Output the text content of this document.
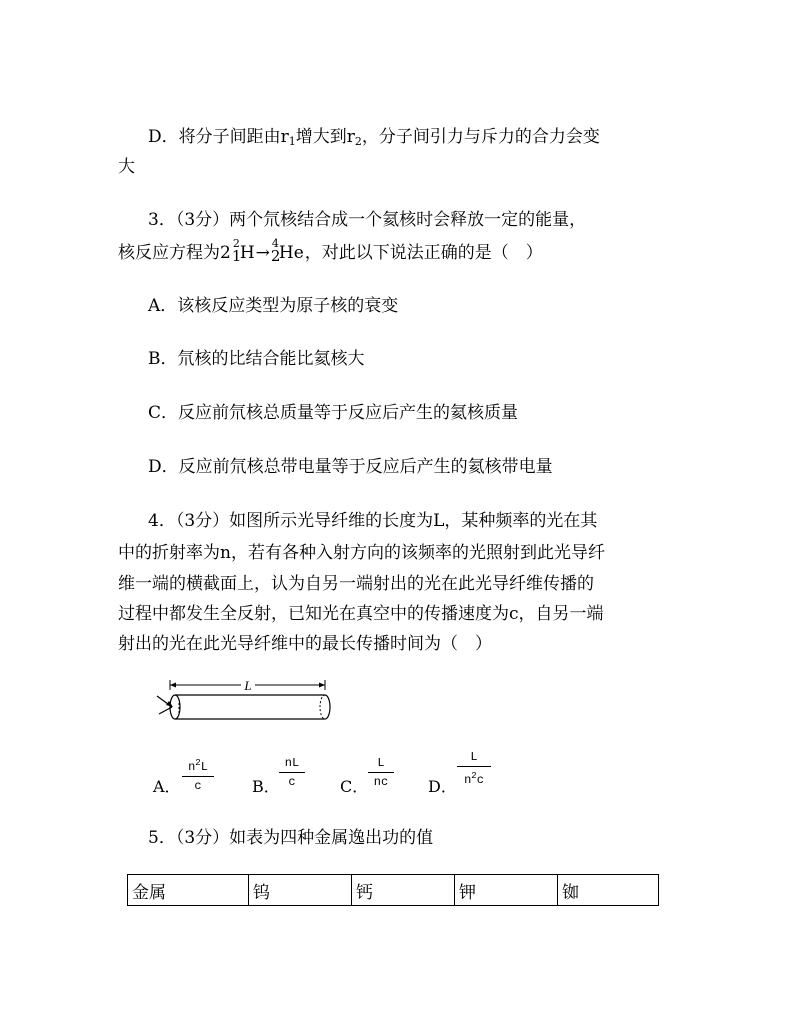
D．将分子间距由$r_1$增大到$r_2$，分子间引力与斥力的合力会变
大
3．（3分）两个氘核结合成一个氦核时会释放一定的能量，
核反应方程为2 2
1
H→ 4
2
He，对此以下说法正确的是（　）
A．该核反应类型为原子核的衰变
B．氘核的比结合能比氦核大
C．反应前氘核总质量等于反应后产生的氦核质量
D．反应前氘核总带电量等于反应后产生的氦核带电量
4．（3分）如图所示光导纤维的长度为L，某种频率的光在其
中的折射率为n，若有各种入射方向的该频率的光照射到此光导纤
维一端的横截面上，认为自另一端射出的光在此光导纤维传播的
过程中都发生全反射，已知光在真空中的传播速度为c，自另一端
射出的光在此光导纤维中的最长传播时间为（　）
L
A．
$n^2L$
c	B．
nL
c	C．
L
nc	D．
L
$n^2c$
5．（3分）如表为四种金属逸出功的值
金属	钨	钙	钾	铷
